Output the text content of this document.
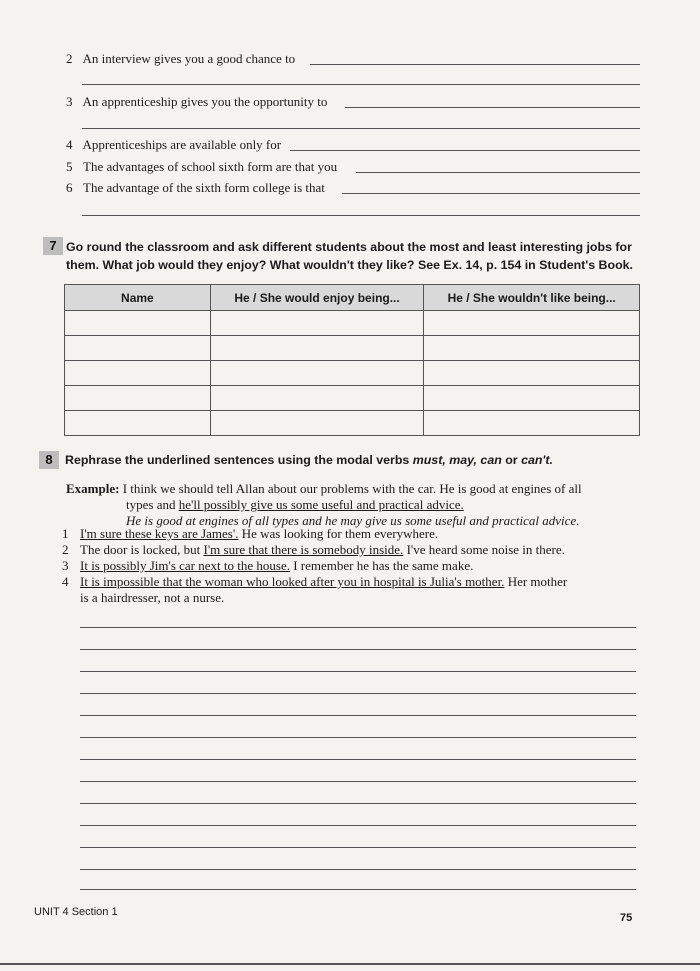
2 An interview gives you a good chance to
3 An apprenticeship gives you the opportunity to
4 Apprenticeships are available only for
5 The advantages of school sixth form are that you
6 The advantage of the sixth form college is that
7 Go round the classroom and ask different students about the most and least interesting jobs for
them. What job would they enjoy? What wouldn't they like? See Ex. 14, p. 154 in Student's Book.
Name	He / She would enjoy being...	He / She wouldn't like being...

8 Rephrase the underlined sentences using the modal verbs must, may, can or can't.
Example: I think we should tell Allan about our problems with the car. He is good at engines of all
types and he'll possibly give us some useful and practical advice.
He is good at engines of all types and he may give us some useful and practical advice.
1 I'm sure these keys are James'. He was looking for them everywhere.
2 The door is locked, but I'm sure that there is somebody inside. I've heard some noise in there.
3 It is possibly Jim's car next to the house. I remember he has the same make.
4 It is impossible that the woman who looked after you in hospital is Julia's mother. Her mother
is a hairdresser, not a nurse.
UNIT 4 Section 1	75
